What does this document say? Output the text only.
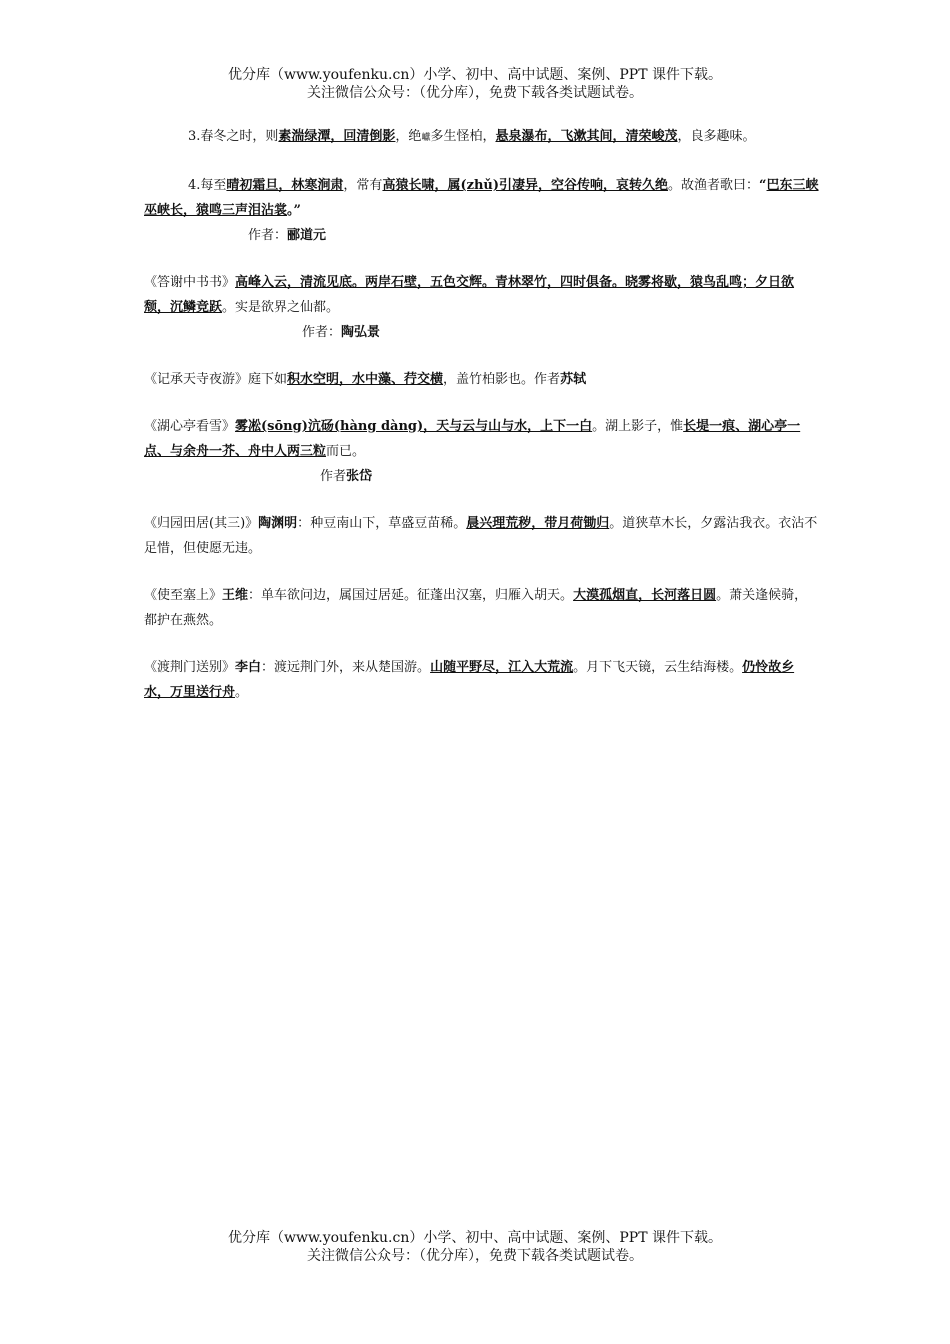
优分库（www.youfenku.cn）小学、初中、高中试题、案例、PPT 课件下载。
关注微信公众号：（优分库），免费下载各类试题试卷。

3.春冬之时，则素湍绿潭，回清倒影，绝巘多生怪柏，悬泉瀑布，飞漱其间，清荣峻茂，良多趣味。

4.每至晴初霜旦，林寒涧肃，常有高猿长啸，属(zhǔ)引凄异，空谷传响，哀转久绝。故渔者歌曰：“巴东三峡巫峡长，猿鸣三声泪沾裳。”
作者：郦道元
《答谢中书书》高峰入云，清流见底。两岸石壁，五色交辉。青林翠竹，四时俱备。晓雾将歇，猿鸟乱鸣；夕日欲颓，沉鳞竞跃。实是欲界之仙都。
作者：陶弘景

《记承天寺夜游》庭下如积水空明，水中藻、荇交横，盖竹柏影也。作者苏轼

《湖心亭看雪》雾凇(sōng)沆砀(hàng dàng)，天与云与山与水，上下一白。湖上影子，惟长堤一痕、湖心亭一点、与余舟一芥、舟中人两三粒而已。
作者张岱

《归园田居(其三)》陶渊明：种豆南山下，草盛豆苗稀。晨兴理荒秽，带月荷锄归。道狭草木长，夕露沾我衣。衣沾不足惜，但使愿无违。

《使至塞上》王维：单车欲问边，属国过居延。征蓬出汉塞，归雁入胡天。大漠孤烟直，长河落日圆。萧关逢候骑，都护在燕然。

《渡荆门送别》李白：渡远荆门外，来从楚国游。山随平野尽，江入大荒流。月下飞天镜，云生结海楼。仍怜故乡水，万里送行舟。

优分库（www.youfenku.cn）小学、初中、高中试题、案例、PPT 课件下载。
关注微信公众号：（优分库），免费下载各类试题试卷。
